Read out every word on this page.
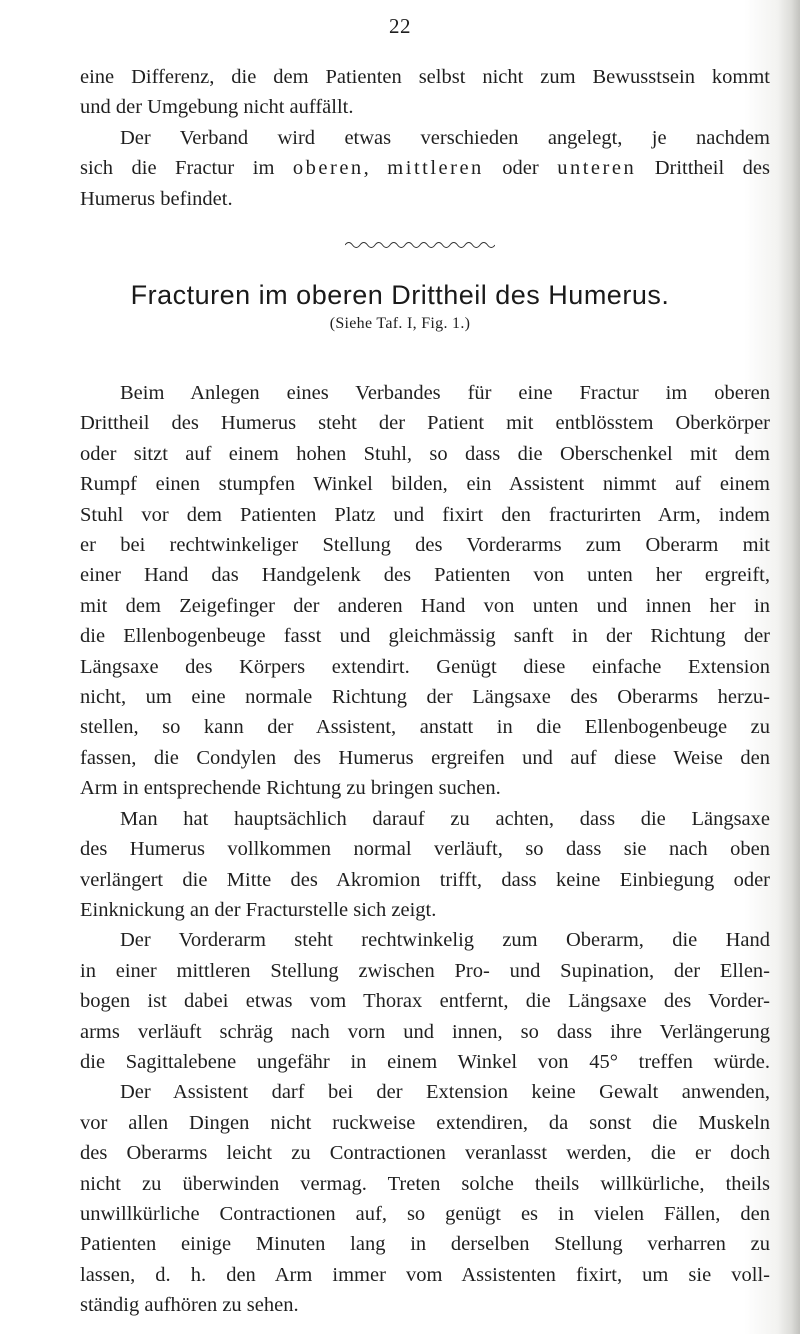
22
eine Differenz, die dem Patienten selbst nicht zum Bewusstsein kommt
und der Umgebung nicht auffällt.
Der Verband wird etwas verschieden angelegt, je nachdem
sich die Fractur im oberen, mittleren oder unteren Drittheil des
Humerus befindet.
Fracturen im oberen Drittheil des Humerus.
(Siehe Taf. I, Fig. 1.)
Beim Anlegen eines Verbandes für eine Fractur im oberen
Drittheil des Humerus steht der Patient mit entblösstem Oberkörper
oder sitzt auf einem hohen Stuhl, so dass die Oberschenkel mit dem
Rumpf einen stumpfen Winkel bilden, ein Assistent nimmt auf einem
Stuhl vor dem Patienten Platz und fixirt den fracturirten Arm, indem
er bei rechtwinkeliger Stellung des Vorderarms zum Oberarm mit
einer Hand das Handgelenk des Patienten von unten her ergreift,
mit dem Zeigefinger der anderen Hand von unten und innen her in
die Ellenbogenbeuge fasst und gleichmässig sanft in der Richtung der
Längsaxe des Körpers extendirt. Genügt diese einfache Extension
nicht, um eine normale Richtung der Längsaxe des Oberarms herzu-
stellen, so kann der Assistent, anstatt in die Ellenbogenbeuge zu
fassen, die Condylen des Humerus ergreifen und auf diese Weise den
Arm in entsprechende Richtung zu bringen suchen.
Man hat hauptsächlich darauf zu achten, dass die Längsaxe
des Humerus vollkommen normal verläuft, so dass sie nach oben
verlängert die Mitte des Akromion trifft, dass keine Einbiegung oder
Einknickung an der Fracturstelle sich zeigt.
Der Vorderarm steht rechtwinkelig zum Oberarm, die Hand
in einer mittleren Stellung zwischen Pro- und Supination, der Ellen-
bogen ist dabei etwas vom Thorax entfernt, die Längsaxe des Vorder-
arms verläuft schräg nach vorn und innen, so dass ihre Verlängerung
die Sagittalebene ungefähr in einem Winkel von 45° treffen würde.
Der Assistent darf bei der Extension keine Gewalt anwenden,
vor allen Dingen nicht ruckweise extendiren, da sonst die Muskeln
des Oberarms leicht zu Contractionen veranlasst werden, die er doch
nicht zu überwinden vermag. Treten solche theils willkürliche, theils
unwillkürliche Contractionen auf, so genügt es in vielen Fällen, den
Patienten einige Minuten lang in derselben Stellung verharren zu
lassen, d. h. den Arm immer vom Assistenten fixirt, um sie voll-
ständig aufhören zu sehen.
